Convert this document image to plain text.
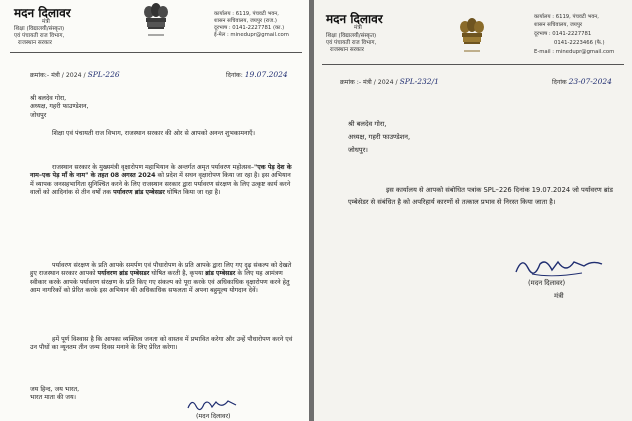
मदन दिलावर
मंत्री
शिक्षा (विद्यालयी/संस्कृत)
एवं पंचायती राज विभाग,
राजस्थान सरकार
कार्यालय : 6119, पंचवटी भवन,
शासन सचिवालय, जयपुर (राज.)
दूरभाष : 0141-2227781 (का.)
ई-मेल : minedupr@gmail.com
क्रमांक:- मंत्री / 2024 / SPL-226	दिनांक: 19.07.2024

श्री बलदेव गोरा,

अध्यक्ष, गहरी फाउण्डेशन,

जोधपुर

शिक्षा एवं पंचायती राज विभाग, राजस्थान सरकार की ओर से आपको अनन्त शुभकामनाएँ।
राजस्थान सरकार के मुख्यमंत्री वृक्षारोपण महाभियान के अन्तर्गत अमृत पर्यावरण महोत्सव–"एक पेड़ देश के नाम–एक पेड़ माँ के नाम" के तहत 08 अगस्त 2024 को प्रदेश में सघन वृक्षारोपण किया जा रहा है। इस अभियान में व्यापक जनसहभागिता सुनिश्चित करने के लिए राजस्थान सरकार द्वारा पर्यावरण संरक्षण के लिए उत्कृष्ट कार्य करने वालों को आदिनांक से तीन वर्षों तक पर्यावरण ब्रांड एम्बेसडर घोषित किया जा रहा है।
पर्यावरण संरक्षण के प्रति आपके समर्पण एवं पौधारोपण के प्रति आपके द्वारा लिए गए दृढ़ संकल्प को देखते हुए राजस्थान सरकार आपको पर्यावरण ब्रांड एम्बेसडर घोषित करती है, कृपया ब्रांड एम्बेसडर के लिए यह आमंत्रण स्वीकार करके आपके पर्यावरण संरक्षण के प्रति किए गए संकल्प को पूरा करके एवं अधिकाधिक वृक्षारोपण करने हेतु आम नागरिकों को प्रेरित करके इस अभियान की अधिकाधिक सफलता में अपना बहुमूल्य योगदान देवें।
हमें पूर्ण विश्वास है कि आपका व्यक्तित्व जनता को वास्तव में प्रभावित करेगा और उन्हें पौधारोपण करने एवं उन पौधों का न्यूनतम तीन जन्म दिवस मनाने के लिए प्रेरित करेगा।

जय हिन्द, जय भारत,

भारत माता की जय।

(मदन दिलावर)
मदन दिलावर
मंत्री
शिक्षा (विद्यालयी/संस्कृत)
एवं पंचायती राज विभाग,
राजस्थान सरकार
कार्यालय : 6119, पंचवटी भवन,
शासन सचिवालय, जयपुर
दूरभाष : 0141-2227781
0141-2223466 (फै.)
E-mail : minedupr@gmail.com
क्रमांक :- मंत्री / 2024 / SPL-232/1	दिनांक 23-07-2024

श्री बलदेव गोरा,

अध्यक्ष, गहरी फाउण्डेशन,

जोधपुर।

इस कार्यालय से आपको संबोधित पत्रांक SPL–226 दिनांक 19.07.2024 जो पर्यावरण ब्रांड एम्बेसेडर से संबंधित है को अपरिहार्य कारणों से तत्काल प्रभाव से निरस्त किया जाता है।
(मदन दिलावर)
मंत्री
